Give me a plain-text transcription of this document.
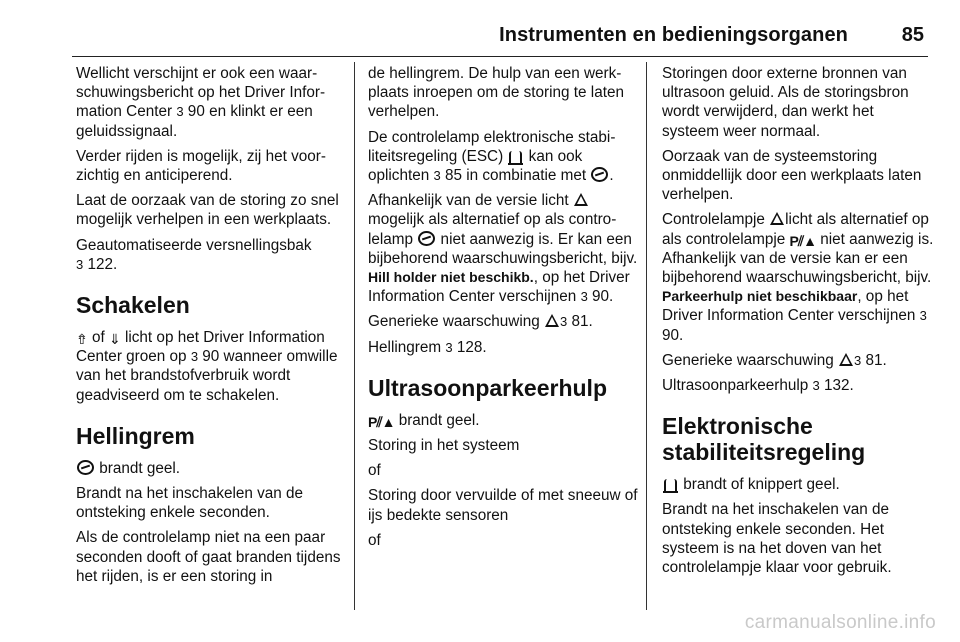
Instrumenten en bedieningsorganen	85

Wellicht verschijnt er ook een waarschuwingsbericht op het Driver Information Center 3 90 en klinkt er een geluidssignaal.

Verder rijden is mogelijk, zij het voorzichtig en anticiperend.

Laat de oorzaak van de storing zo snel mogelijk verhelpen in een werkplaats.

Geautomatiseerde versnellingsbak
3 122.

Schakelen

⇮ of ⇓ licht op het Driver Information Center groen op 3 90 wanneer omwille van het brandstofverbruik wordt geadviseerd om te schakelen.

Hellingrem

brandt geel.

Brandt na het inschakelen van de ontsteking enkele seconden.

Als de controlelamp niet na een paar seconden dooft of gaat branden tijdens het rijden, is er een storing in

de hellingrem. De hulp van een werkplaats inroepen om de storing te laten verhelpen.

De controlelamp elektronische stabiliteitsregeling (ESC)  kan ook oplichten 3 85 in combinatie met .

Afhankelijk van de versie licht  mogelijk als alternatief op als controlelamp  niet aanwezig is. Er kan een bijbehorend waarschuwingsbericht, bijv. Hill holder niet beschikb., op het Driver Information Center verschijnen 3 90.

Generieke waarschuwing 3 81.

Hellingrem 3 128.

Ultrasoonparkeerhulp

P⫽▲ brandt geel.

Storing in het systeem

of

Storing door vervuilde of met sneeuw of ijs bedekte sensoren

of

Storingen door externe bronnen van ultrasoon geluid. Als de storingsbron wordt verwijderd, dan werkt het systeem weer normaal.

Oorzaak van de systeemstoring onmiddellijk door een werkplaats laten verhelpen.

Controlelampje licht als alternatief op als controlelampje P⫽▲ niet aanwezig is. Afhankelijk van de versie kan er een bijbehorend waarschuwingsbericht, bijv. Parkeerhulp niet beschikbaar, op het Driver Information Center verschijnen 3 90.

Generieke waarschuwing 3 81.

Ultrasoonparkeerhulp 3 132.

Elektronische stabiliteitsregeling

brandt of knippert geel.

Brandt na het inschakelen van de ontsteking enkele seconden. Het systeem is na het doven van het controlelampje klaar voor gebruik.

carmanualsonline.info
